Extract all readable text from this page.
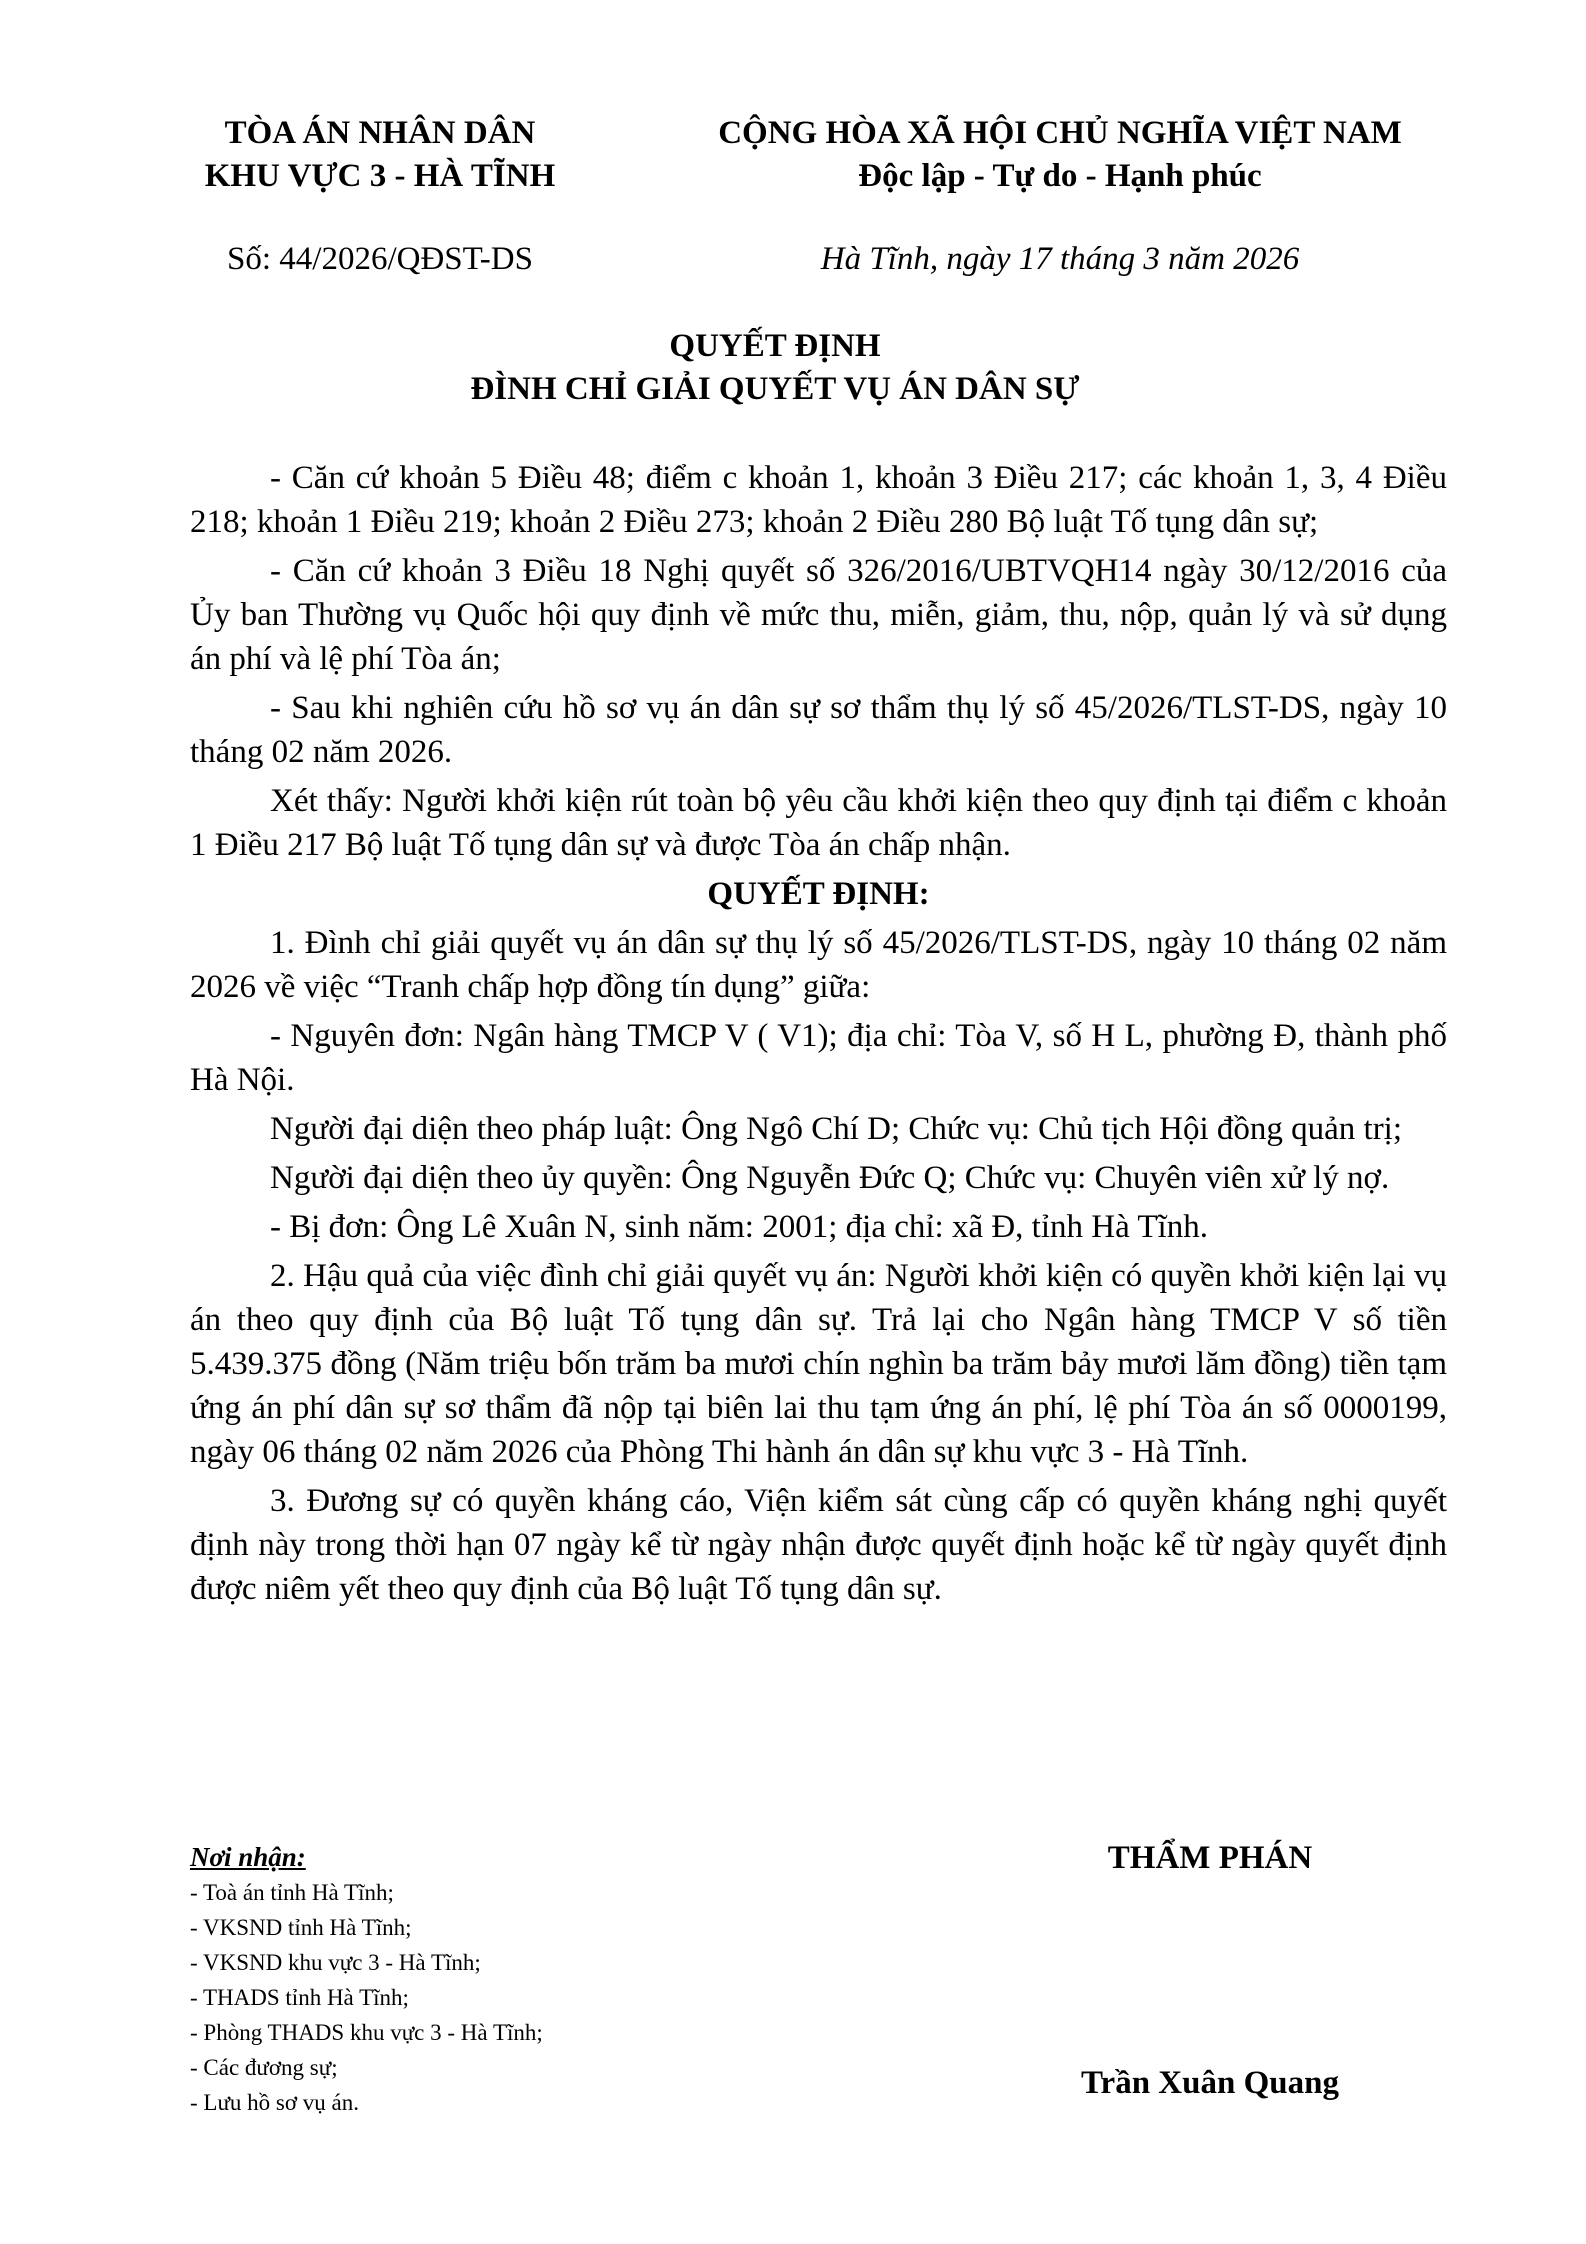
TÒA ÁN NHÂN DÂN
KHU VỰC 3 - HÀ TĨNH
CỘNG HÒA XÃ HỘI CHỦ NGHĨA VIỆT NAM
Độc lập - Tự do - Hạnh phúc
Số: 44/2026/QĐST-DS	Hà Tĩnh, ngày 17 tháng 3 năm 2026
QUYẾT ĐỊNH
ĐÌNH CHỈ GIẢI QUYẾT VỤ ÁN DÂN SỰ

- Căn cứ khoản 5 Điều 48; điểm c khoản 1, khoản 3 Điều 217; các khoản 1, 3, 4 Điều 218; khoản 1 Điều 219; khoản 2 Điều 273; khoản 2 Điều 280 Bộ luật Tố tụng dân sự;

- Căn cứ khoản 3 Điều 18 Nghị quyết số 326/2016/UBTVQH14 ngày 30/12/2016 của Ủy ban Thường vụ Quốc hội quy định về mức thu, miễn, giảm, thu, nộp, quản lý và sử dụng án phí và lệ phí Tòa án;

- Sau khi nghiên cứu hồ sơ vụ án dân sự sơ thẩm thụ lý số 45/2026/TLST-DS, ngày 10 tháng 02 năm 2026.

Xét thấy: Người khởi kiện rút toàn bộ yêu cầu khởi kiện theo quy định tại điểm c khoản 1 Điều 217 Bộ luật Tố tụng dân sự và được Tòa án chấp nhận.

QUYẾT ĐỊNH:

1. Đình chỉ giải quyết vụ án dân sự thụ lý số 45/2026/TLST-DS, ngày 10 tháng 02 năm 2026 về việc “Tranh chấp hợp đồng tín dụng” giữa:

- Nguyên đơn: Ngân hàng TMCP V ( V1); địa chỉ: Tòa V, số H L, phường Đ, thành phố Hà Nội.

Người đại diện theo pháp luật: Ông Ngô Chí D; Chức vụ: Chủ tịch Hội đồng quản trị;

Người đại diện theo ủy quyền: Ông Nguyễn Đức Q; Chức vụ: Chuyên viên xử lý nợ.

- Bị đơn: Ông Lê Xuân N, sinh năm: 2001; địa chỉ: xã Đ, tỉnh Hà Tĩnh.

2. Hậu quả của việc đình chỉ giải quyết vụ án: Người khởi kiện có quyền khởi kiện lại vụ án theo quy định của Bộ luật Tố tụng dân sự. Trả lại cho Ngân hàng TMCP V số tiền 5.439.375 đồng (Năm triệu bốn trăm ba mươi chín nghìn ba trăm bảy mươi lăm đồng) tiền tạm ứng án phí dân sự sơ thẩm đã nộp tại biên lai thu tạm ứng án phí, lệ phí Tòa án số 0000199, ngày 06 tháng 02 năm 2026 của Phòng Thi hành án dân sự khu vực 3 - Hà Tĩnh.

3. Đương sự có quyền kháng cáo, Viện kiểm sát cùng cấp có quyền kháng nghị quyết định này trong thời hạn 07 ngày kể từ ngày nhận được quyết định hoặc kể từ ngày quyết định được niêm yết theo quy định của Bộ luật Tố tụng dân sự.

Nơi nhận:
- Toà án tỉnh Hà Tĩnh;
- VKSND tỉnh Hà Tĩnh;
- VKSND khu vực 3 - Hà Tĩnh;
- THADS tỉnh Hà Tĩnh;
- Phòng THADS khu vực 3 - Hà Tĩnh;
- Các đương sự;
- Lưu hồ sơ vụ án.
THẨM PHÁN
Trần Xuân Quang
